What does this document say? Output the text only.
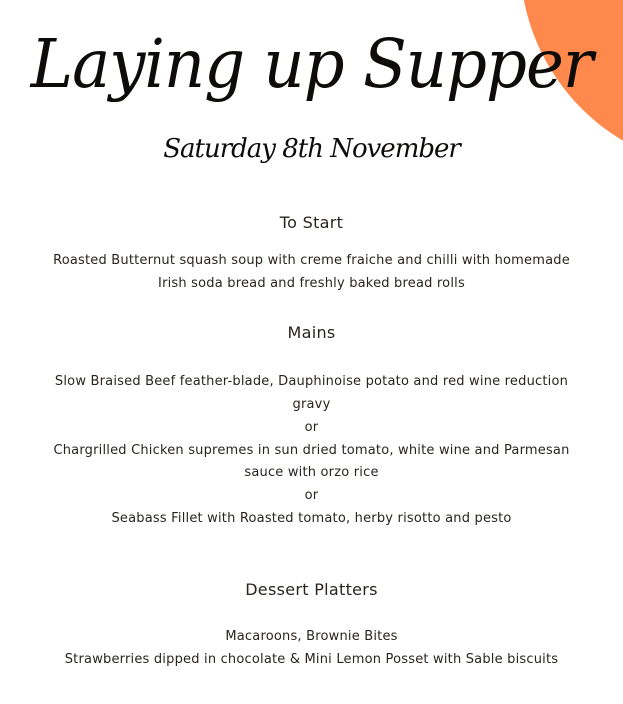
Laying up Supper
Saturday 8th November
To Start
Roasted Butternut squash soup with creme fraiche and chilli with homemade
Irish soda bread and freshly baked bread rolls
Mains
Slow Braised Beef feather-blade, Dauphinoise potato and red wine reduction
gravy
or
Chargrilled Chicken supremes in sun dried tomato, white wine and Parmesan
sauce with orzo rice
or
Seabass Fillet with Roasted tomato, herby risotto and pesto
Dessert Platters
Macaroons, Brownie Bites
Strawberries dipped in chocolate & Mini Lemon Posset with Sable biscuits
